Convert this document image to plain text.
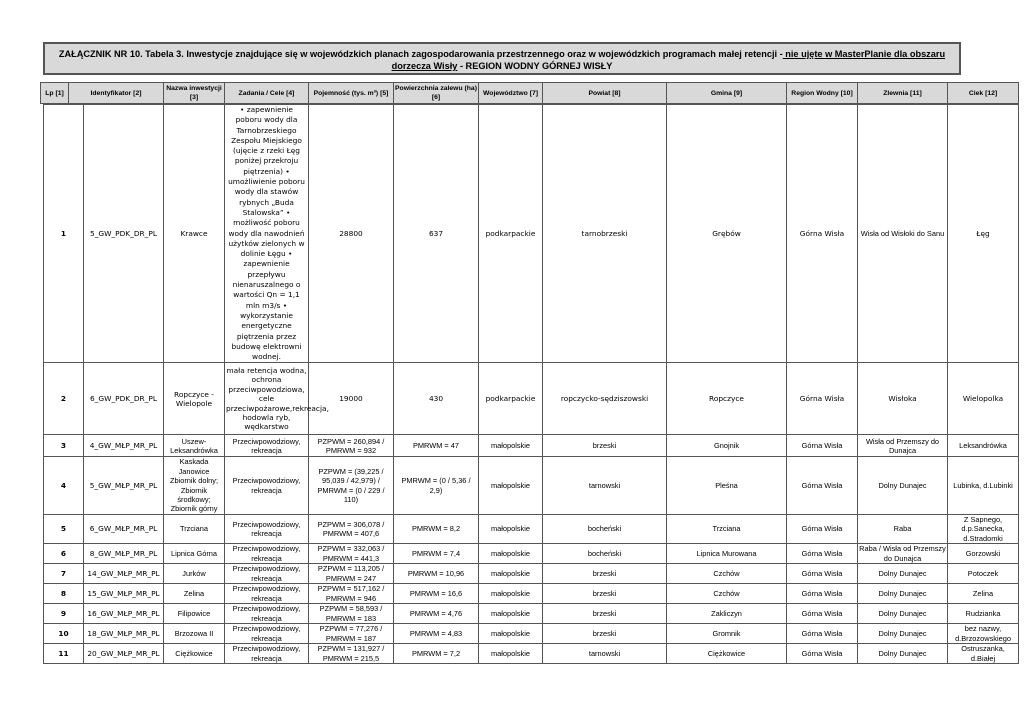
ZAŁĄCZNIK NR 10. Tabela 3. Inwestycje znajdujące się w wojewódzkich planach zagospodarowania przestrzennego oraz w wojewódzkich programach małej retencji - nie ujęte w MasterPlanie dla obszaru dorzecza Wisły - REGION WODNY GÓRNEJ WISŁY
Lp [1]	Identyfikator [2]	Nazwa inwestycji [3]	Zadania / Cele [4]	Pojemność (tys. m³) [5]	Powierzchnia zalewu (ha) [6]	Województwo [7]	Powiat [8]	Gmina [9]	Region Wodny [10]	Zlewnia [11]	Ciek [12]
1	5_GW_PDK_DR_PL	Krawce	• zapewnienie poboru wody dla Tarnobrzeskiego Zespołu Miejskiego (ujęcie z rzeki Łęg poniżej przekroju piętrzenia) • umożliwienie poboru wody dla stawów rybnych „Buda Stalowska” • możliwość poboru wody dla nawodnień użytków zielonych w dolinie Łęgu • zapewnienie przepływu nienaruszalnego o wartości Qn = 1,1 mln m3/s • wykorzystanie energetyczne piętrzenia przez budowę elektrowni wodnej.	28800	637	podkarpackie	tarnobrzeski	Grębów	Górna Wisła	Wisła od Wisłoki do Sanu	Łęg
2	6_GW_PDK_DR_PL	Ropczyce - Wielopole	mała retencja wodna, ochrona przeciwpowodziowa, cele przeciwpożarowe,rekreacja, hodowla ryb, wędkarstwo	19000	430	podkarpackie	ropczycko-sędziszowski	Ropczyce	Górna Wisła	Wisłoka	Wielopolka
3	4_GW_MŁP_MR_PL	Uszew-Leksandrówka	Przeciwpowodziowy, rekreacja	PZPWM = 260,894 / PMRWM = 932	PMRWM = 47	małopolskie	brzeski	Gnojnik	Górna Wisła	Wisła od Przemszy do Dunajca	Leksandrówka
4	5_GW_MŁP_MR_PL	Kaskada Janowice Zbiornik dolny; Zbiornik środkowy; Zbiornik górny	Przeciwpowodziowy, rekreacja	PZPWM = (39,225 / 95,039 / 42,979) / PMRWM = (0 / 229 / 110)	PMRWM = (0 / 5,36 / 2,9)	małopolskie	tarnowski	Pleśna	Górna Wisła	Dolny Dunajec	Lubinka, d.Lubinki
5	6_GW_MŁP_MR_PL	Trzciana	Przeciwpowodziowy, rekreacja	PZPWM = 306,078 / PMRWM = 407,6	PMRWM = 8,2	małopolskie	bocheński	Trzciana	Górna Wisła	Raba	Z Sapnego, d.p.Sanecka, d.Stradomki
6	8_GW_MŁP_MR_PL	Lipnica Górna	Przeciwpowodziowy, rekreacja	PZPWM = 332,063 / PMRWM = 441,3	PMRWM = 7,4	małopolskie	bocheński	Lipnica Murowana	Górna Wisła	Raba / Wisła od Przemszy do Dunajca	Gorzowski
7	14_GW_MŁP_MR_PL	Jurków	Przeciwpowodziowy, rekreacja	PZPWM = 113,205 / PMRWM = 247	PMRWM = 10,96	małopolskie	brzeski	Czchów	Górna Wisła	Dolny Dunajec	Potoczek
8	15_GW_MŁP_MR_PL	Zelina	Przeciwpowodziowy, rekreacja	PZPWM = 517,162 / PMRWM = 946	PMRWM = 16,6	małopolskie	brzeski	Czchów	Górna Wisła	Dolny Dunajec	Zelina
9	16_GW_MŁP_MR_PL	Filipowice	Przeciwpowodziowy, rekreacja	PZPWM = 58,593 / PMRWM = 183	PMRWM = 4,76	małopolskie	brzeski	Zakliczyn	Górna Wisła	Dolny Dunajec	Rudzianka
10	18_GW_MŁP_MR_PL	Brzozowa II	Przeciwpowodziowy, rekreacja	PZPWM = 77,276 / PMRWM = 187	PMRWM = 4,83	małopolskie	brzeski	Gromnik	Górna Wisła	Dolny Dunajec	bez nazwy, d.Brzozowskiego
11	20_GW_MŁP_MR_PL	Ciężkowice	Przeciwpowodziowy, rekreacja	PZPWM = 131,927 / PMRWM = 215,5	PMRWM = 7,2	małopolskie	tarnowski	Ciężkowice	Górna Wisła	Dolny Dunajec	Ostruszanka, d.Białej
